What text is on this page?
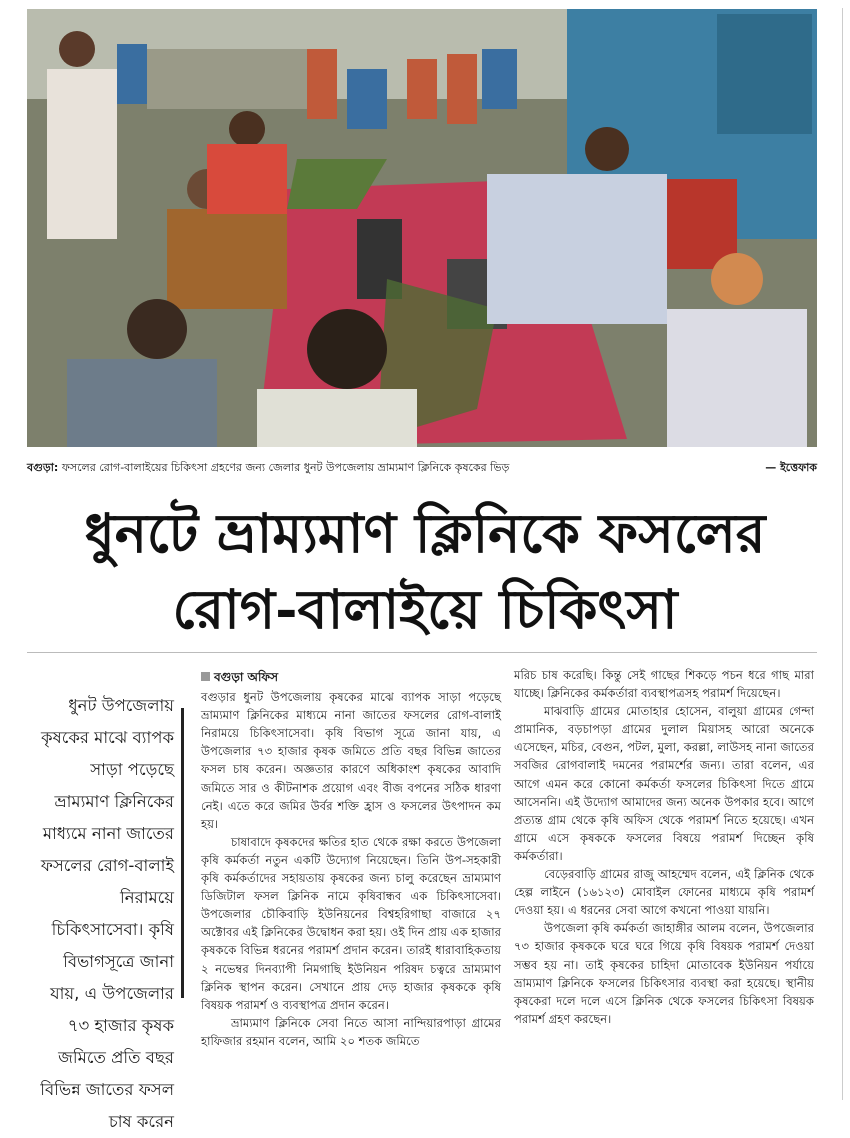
বগুড়া: ফসলের রোগ-বালাইয়ের চিকিৎসা গ্রহণের জন্য জেলার ধুনট উপজেলায় ভ্রাম্যমাণ ক্লিনিকে কৃষকের ভিড়	— ইত্তেফাক
ধুনটে ভ্রাম্যমাণ ক্লিনিকে ফসলের
রোগ-বালাইয়ে চিকিৎসা
ধুনট উপজেলায় কৃষকের মাঝে ব্যাপক সাড়া পড়েছে ভ্রাম্যমাণ ক্লিনিকের মাধ্যমে নানা জাতের ফসলের রোগ-বালাই নিরাময়ে চিকিৎসাসেবা। কৃষি বিভাগসূত্রে জানা যায়, এ উপজেলার ৭৩ হাজার কৃষক জমিতে প্রতি বছর বিভিন্ন জাতের ফসল চাষ করেন
বগুড়া অফিস

বগুড়ার ধুনট উপজেলায় কৃষকের মাঝে ব্যাপক সাড়া পড়েছে ভ্রাম্যমাণ ক্লিনিকের মাধ্যমে নানা জাতের ফসলের রোগ-বালাই নিরাময়ে চিকিৎসাসেবা। কৃষি বিভাগ সূত্রে জানা যায়, এ উপজেলার ৭৩ হাজার কৃষক জমিতে প্রতি বছর বিভিন্ন জাতের ফসল চাষ করেন। অজ্ঞতার কারণে অধিকাংশ কৃষকের আবাদি জমিতে সার ও কীটনাশক প্রয়োগ এবং বীজ বপনের সঠিক ধারণা নেই। এতে করে জমির উর্বর শক্তি হ্রাস ও ফসলের উৎপাদন কম হয়।

চাষাবাদে কৃষকদের ক্ষতির হাত থেকে রক্ষা করতে উপজেলা কৃষি কর্মকর্তা নতুন একটি উদ্যোগ নিয়েছেন। তিনি উপ-সহকারী কৃষি কর্মকর্তাদের সহায়তায় কৃষকের জন্য চালু করেছেন ভ্রাম্যমাণ ডিজিটাল ফসল ক্লিনিক নামে কৃষিবান্ধব এক চিকিৎসাসেবা। উপজেলার চৌকিবাড়ি ইউনিয়নের বিশ্বহরিগাছা বাজারে ২৭ অক্টোবর এই ক্লিনিকের উদ্বোধন করা হয়। ওই দিন প্রায় এক হাজার কৃষককে বিভিন্ন ধরনের পরামর্শ প্রদান করেন। তারই ধারাবাহিকতায় ২ নভেম্বর দিনব্যাপী নিমগাছি ইউনিয়ন পরিষদ চত্বরে ভ্রাম্যমাণ ক্লিনিক স্থাপন করেন। সেখানে প্রায় দেড় হাজার কৃষককে কৃষি বিষয়ক পরামর্শ ও ব্যবস্থাপত্র প্রদান করেন।

ভ্রাম্যমাণ ক্লিনিকে সেবা নিতে আসা নান্দিয়ারপাড়া গ্রামের হাফিজার রহমান বলেন, আমি ২০ শতক জমিতে

মরিচ চাষ করেছি। কিন্তু সেই গাছের শিকড়ে পচন ধরে গাছ মারা যাচ্ছে। ক্লিনিকের কর্মকর্তারা ব্যবস্থাপত্রসহ পরামর্শ দিয়েছেন।

মাঝবাড়ি গ্রামের মোতাহার হোসেন, বালুয়া গ্রামের গেন্দা প্রামানিক, বড়চাপড়া গ্রামের দুলাল মিয়াসহ আরো অনেকে এসেছেন, মচির, বেগুন, পটল, মুলা, করল্লা, লাউসহ নানা জাতের সবজির রোগবালাই দমনের পরামর্শের জন্য। তারা বলেন, এর আগে এমন করে কোনো কর্মকর্তা ফসলের চিকিৎসা দিতে গ্রামে আসেননি। এই উদ্যোগ আমাদের জন্য অনেক উপকার হবে। আগে প্রত্যন্ত গ্রাম থেকে কৃষি অফিস থেকে পরামর্শ নিতে হয়েছে। এখন গ্রামে এসে কৃষককে ফসলের বিষয়ে পরামর্শ দিচ্ছেন কৃষি কর্মকর্তারা।

বেড়েরবাড়ি গ্রামের রাজু আহম্মেদ বলেন, এই ক্লিনিক থেকে হেল্প লাইনে (১৬১২৩) মোবাইল ফোনের মাধ্যমে কৃষি পরামর্শ দেওয়া হয়। এ ধরনের সেবা আগে কখনো পাওয়া যায়নি।

উপজেলা কৃষি কর্মকর্তা জাহাঙ্গীর আলম বলেন, উপজেলার ৭৩ হাজার কৃষককে ঘরে ঘরে গিয়ে কৃষি বিষয়ক পরামর্শ দেওয়া সম্ভব হয় না। তাই কৃষকের চাহিদা মোতাবেক ইউনিয়ন পর্যায়ে ভ্রাম্যমাণ ক্লিনিকে ফসলের চিকিৎসার ব্যবস্থা করা হয়েছে। স্থানীয় কৃষকেরা দলে দলে এসে ক্লিনিক থেকে ফসলের চিকিৎসা বিষয়ক পরামর্শ গ্রহণ করছেন।
